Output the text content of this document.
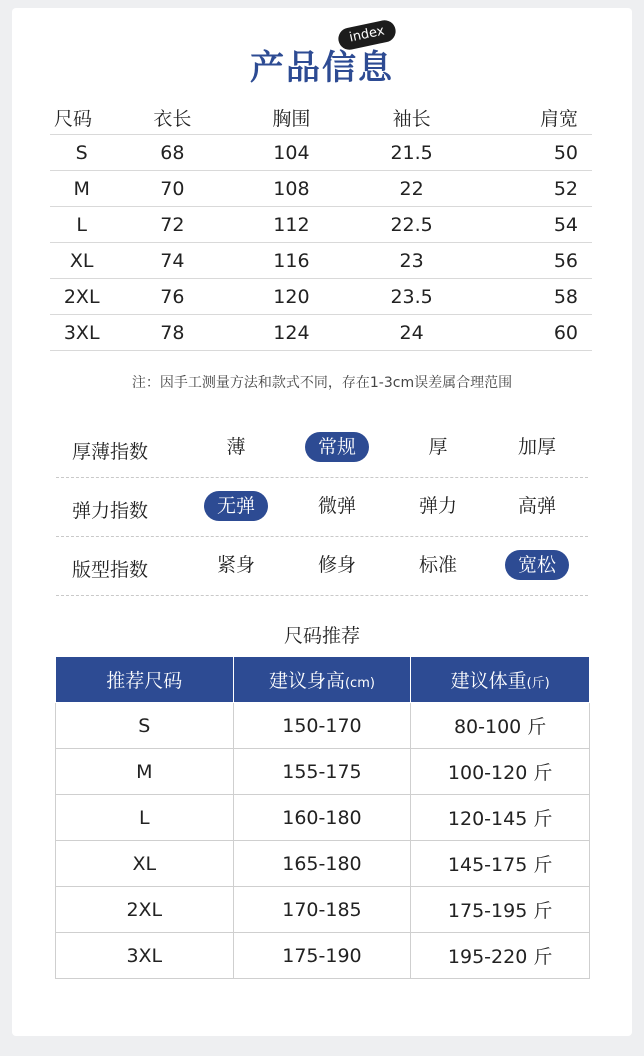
产品信息
index
尺码	衣长	胸围	袖长	肩宽
S	68	104	21.5	50
M	70	108	22	52
L	72	112	22.5	54
XL	74	116	23	56
2XL	76	120	23.5	58
3XL	78	124	24	60
注：因手工测量方法和款式不同，存在1-3cm误差属合理范围
厚薄指数	薄	常规	厚	加厚
弹力指数	无弹	微弹	弹力	高弹
版型指数	紧身	修身	标准	宽松
尺码推荐
推荐尺码	建议身高(cm)	建议体重(斤)
S	150-170	80-100 斤
M	155-175	100-120 斤
L	160-180	120-145 斤
XL	165-180	145-175 斤
2XL	170-185	175-195 斤
3XL	175-190	195-220 斤
